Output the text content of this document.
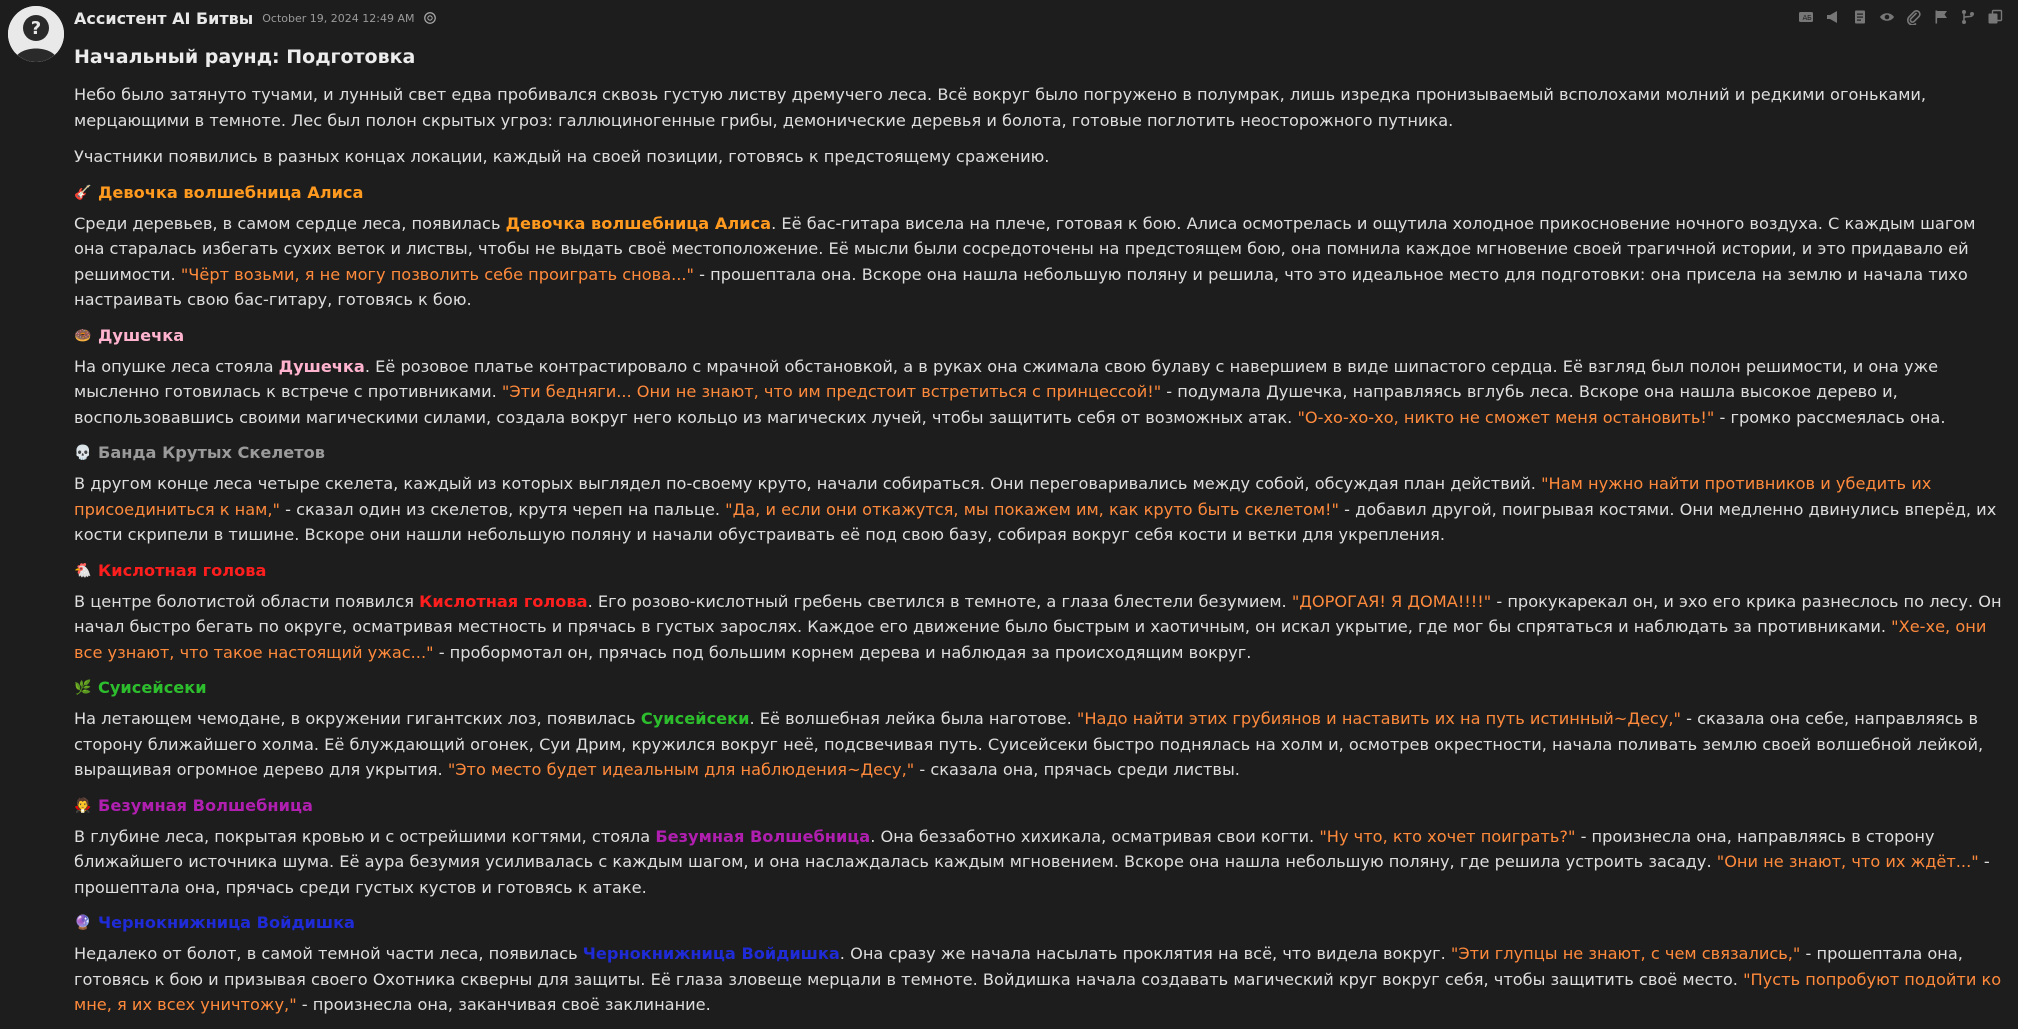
? Ассистент AI Битвы October 19, 2024 12:49 AM	A Б
Начальный раунд: Подготовка

Небо было затянуто тучами, и лунный свет едва пробивался сквозь густую листву дремучего леса. Всё вокруг было погружено в полумрак, лишь изредка пронизываемый всполохами молний и редкими огоньками, мерцающими в темноте. Лес был полон скрытых угроз: галлюциногенные грибы, демонические деревья и болота, готовые поглотить неосторожного путника.

Участники появились в разных концах локации, каждый на своей позиции, готовясь к предстоящему сражению.

🎸 Девочка волшебница Алиса

Среди деревьев, в самом сердце леса, появилась Девочка волшебница Алиса. Её бас-гитара висела на плече, готовая к бою. Алиса осмотрелась и ощутила холодное прикосновение ночного воздуха. С каждым шагом она старалась избегать сухих веток и листвы, чтобы не выдать своё местоположение. Её мысли были сосредоточены на предстоящем бою, она помнила каждое мгновение своей трагичной истории, и это придавало ей решимости. "Чёрт возьми, я не могу позволить себе проиграть снова..." - прошептала она. Вскоре она нашла небольшую поляну и решила, что это идеальное место для подготовки: она присела на землю и начала тихо настраивать свою бас-гитару, готовясь к бою.

🍩 Душечка

На опушке леса стояла Душечка. Её розовое платье контрастировало с мрачной обстановкой, а в руках она сжимала свою булаву с навершием в виде шипастого сердца. Её взгляд был полон решимости, и она уже мысленно готовилась к встрече с противниками. "Эти бедняги... Они не знают, что им предстоит встретиться с принцессой!" - подумала Душечка, направляясь вглубь леса. Вскоре она нашла высокое дерево и, воспользовавшись своими магическими силами, создала вокруг него кольцо из магических лучей, чтобы защитить себя от возможных атак. "О-хо-хо-хо, никто не сможет меня остановить!" - громко рассмеялась она.

💀 Банда Крутых Скелетов

В другом конце леса четыре скелета, каждый из которых выглядел по-своему круто, начали собираться. Они переговаривались между собой, обсуждая план действий. "Нам нужно найти противников и убедить их присоединиться к нам," - сказал один из скелетов, крутя череп на пальце. "Да, и если они откажутся, мы покажем им, как круто быть скелетом!" - добавил другой, поигрывая костями. Они медленно двинулись вперёд, их кости скрипели в тишине. Вскоре они нашли небольшую поляну и начали обустраивать её под свою базу, собирая вокруг себя кости и ветки для укрепления.

🐔 Кислотная голова

В центре болотистой области появился Кислотная голова. Его розово-кислотный гребень светился в темноте, а глаза блестели безумием. "ДОРОГАЯ! Я ДОМА!!!!" - прокукарекал он, и эхо его крика разнеслось по лесу. Он начал быстро бегать по округе, осматривая местность и прячась в густых зарослях. Каждое его движение было быстрым и хаотичным, он искал укрытие, где мог бы спрятаться и наблюдать за противниками. "Хе-хе, они все узнают, что такое настоящий ужас..." - пробормотал он, прячась под большим корнем дерева и наблюдая за происходящим вокруг.

🌿 Суисейсеки

На летающем чемодане, в окружении гигантских лоз, появилась Суисейсеки. Её волшебная лейка была наготове. "Надо найти этих грубиянов и наставить их на путь истинный~Десу," - сказала она себе, направляясь в сторону ближайшего холма. Её блуждающий огонек, Суи Дрим, кружился вокруг неё, подсвечивая путь. Суисейсеки быстро поднялась на холм и, осмотрев окрестности, начала поливать землю своей волшебной лейкой, выращивая огромное дерево для укрытия. "Это место будет идеальным для наблюдения~Десу," - сказала она, прячась среди листвы.

🧛 Безумная Волшебница

В глубине леса, покрытая кровью и с острейшими когтями, стояла Безумная Волшебница. Она беззаботно хихикала, осматривая свои когти. "Ну что, кто хочет поиграть?" - произнесла она, направляясь в сторону ближайшего источника шума. Её аура безумия усиливалась с каждым шагом, и она наслаждалась каждым мгновением. Вскоре она нашла небольшую поляну, где решила устроить засаду. "Они не знают, что их ждёт..." - прошептала она, прячась среди густых кустов и готовясь к атаке.

🔮 Чернокнижница Войдишка

Недалеко от болот, в самой темной части леса, появилась Чернокнижница Войдишка. Она сразу же начала насылать проклятия на всё, что видела вокруг. "Эти глупцы не знают, с чем связались," - прошептала она, готовясь к бою и призывая своего Охотника скверны для защиты. Её глаза зловеще мерцали в темноте. Войдишка начала создавать магический круг вокруг себя, чтобы защитить своё место. "Пусть попробуют подойти ко мне, я их всех уничтожу," - произнесла она, заканчивая своё заклинание.
